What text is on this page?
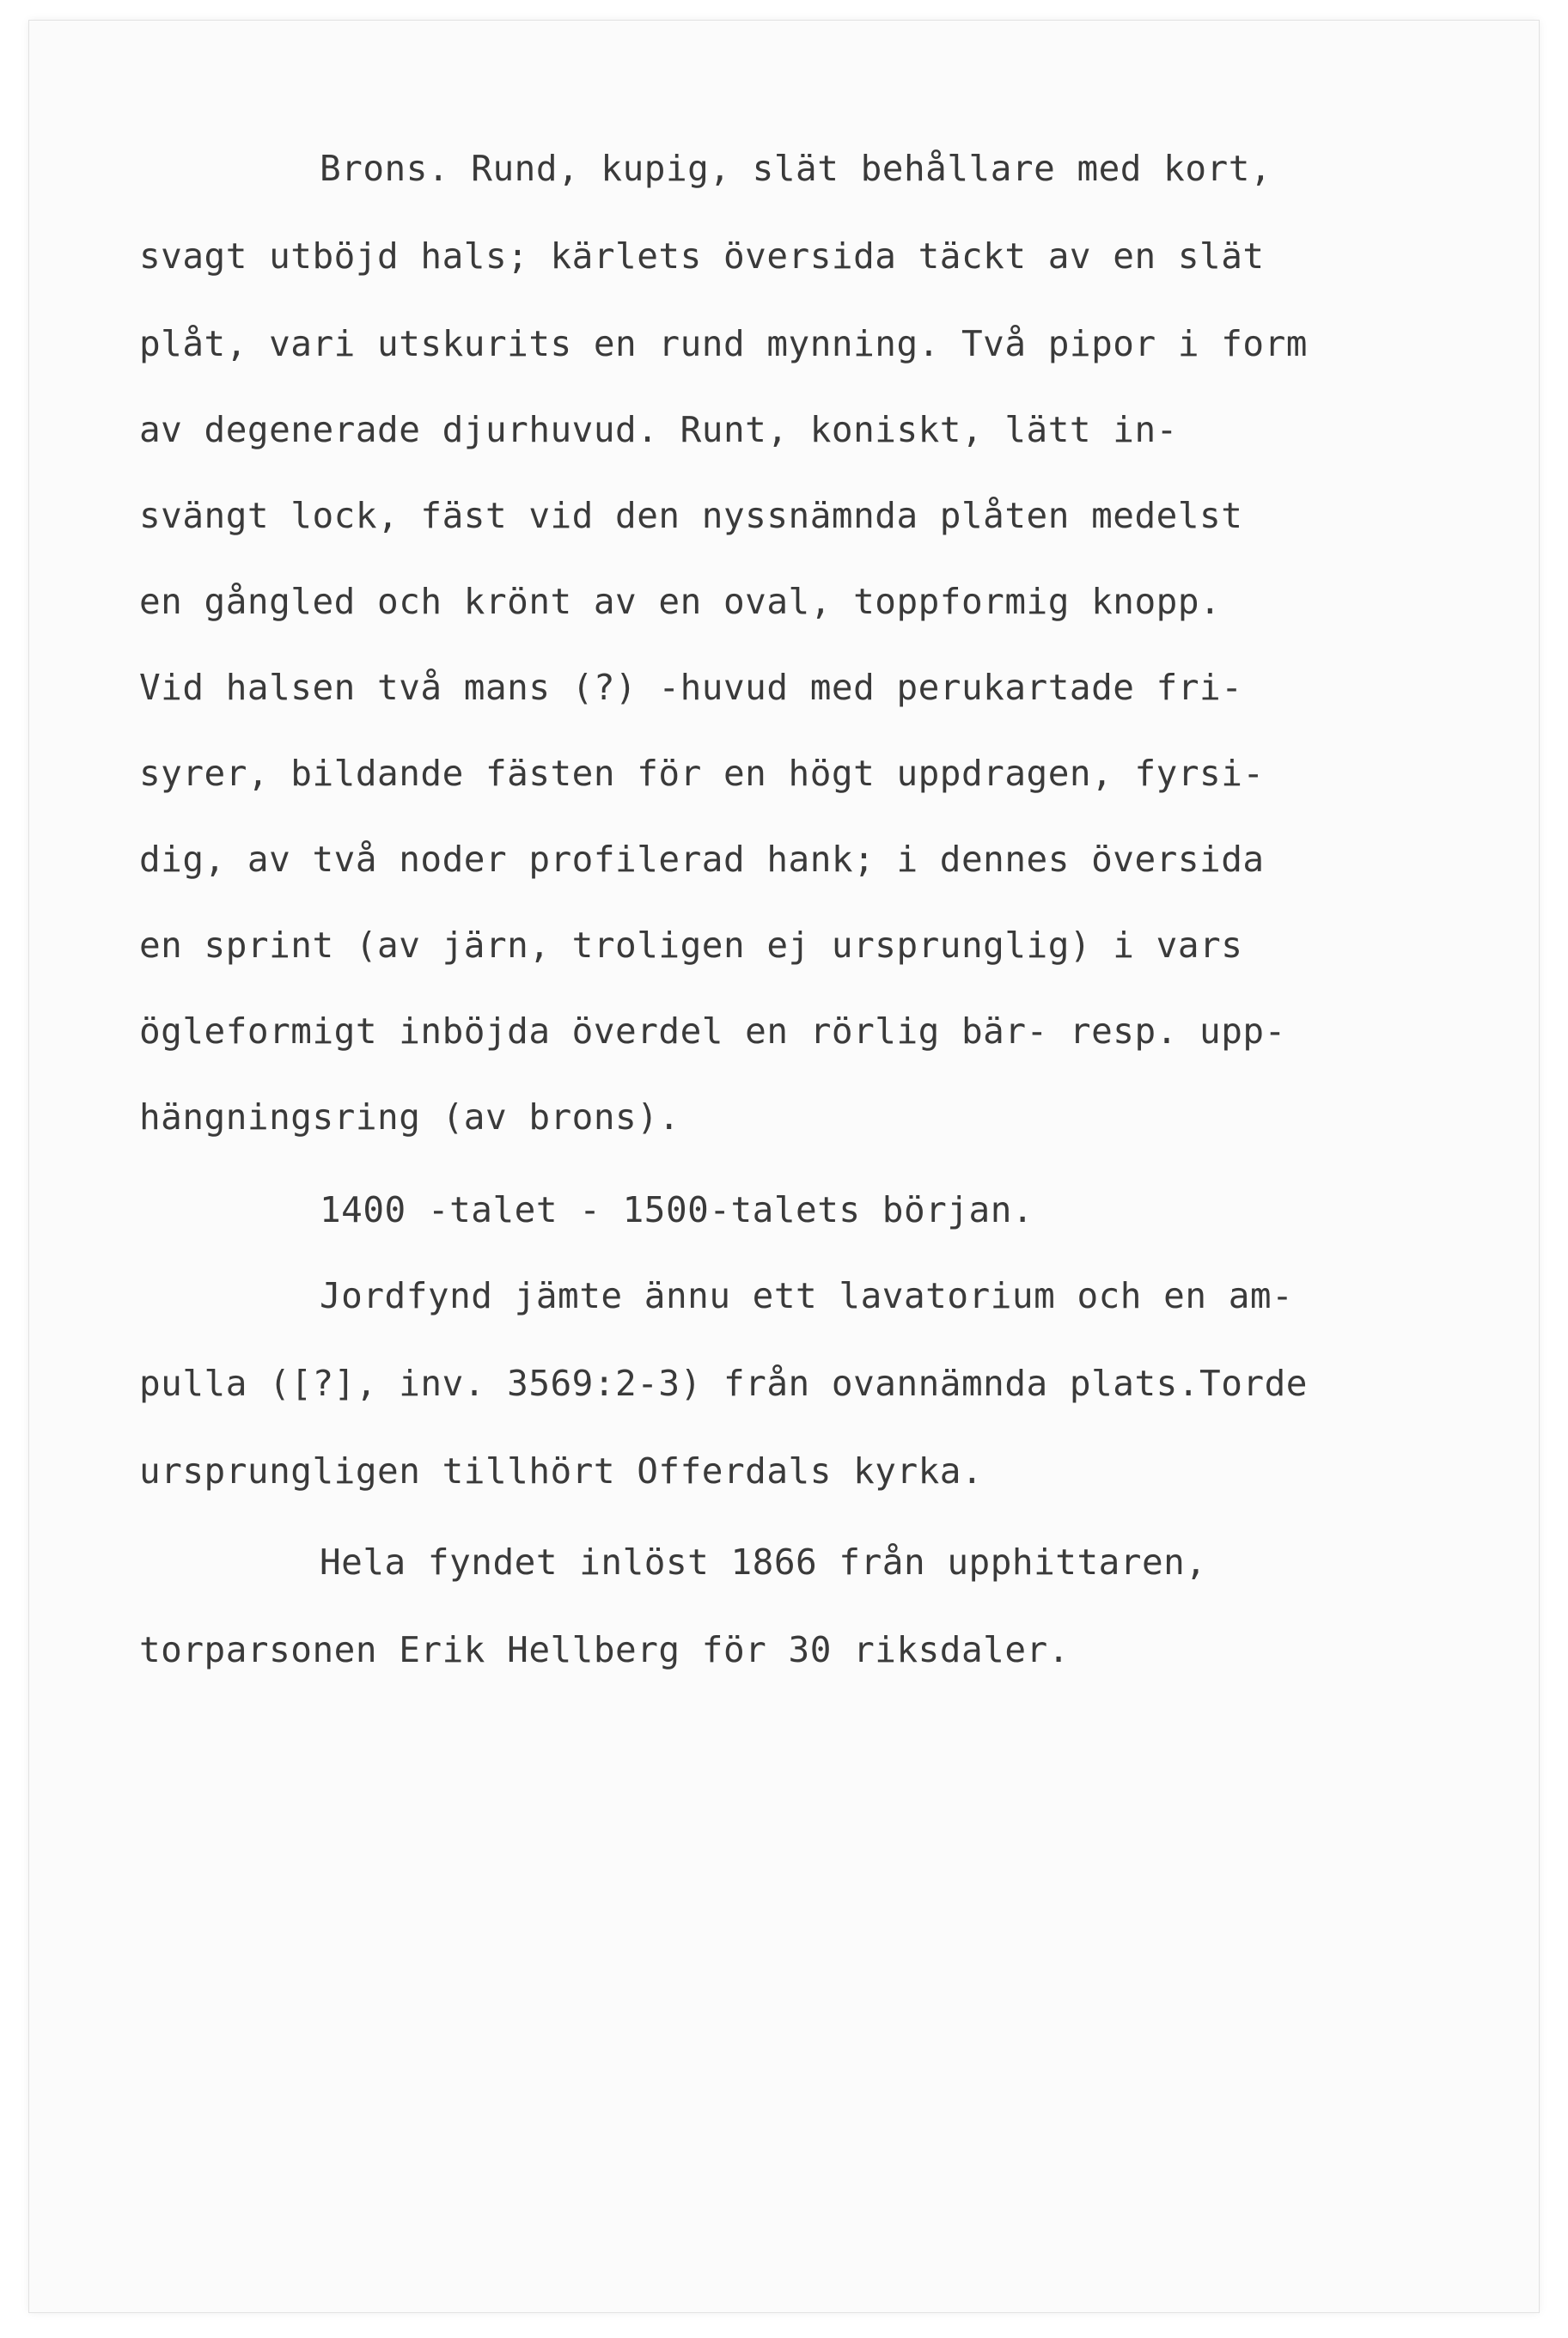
Brons. Rund, kupig, slät behållare med kort,
svagt utböjd hals; kärlets översida täckt av en slät
plåt, vari utskurits en rund mynning. Två pipor i form
av degenerade djurhuvud. Runt, koniskt, lätt in-
svängt lock, fäst vid den nyssnämnda plåten medelst
en gångled och krönt av en oval, toppformig knopp.
Vid halsen två mans (?) -huvud med perukartade fri-
syrer, bildande fästen för en högt uppdragen, fyrsi-
dig, av två noder profilerad hank; i dennes översida
en sprint (av järn, troligen ej ursprunglig) i vars
ögleformigt inböjda överdel en rörlig bär- resp. upp-
hängningsring (av brons).
1400 -talet - 1500-talets början.
Jordfynd jämte ännu ett lavatorium och en am-
pulla ([?], inv. 3569:2-3) från ovannämnda plats.Torde
ursprungligen tillhört Offerdals kyrka.
Hela fyndet inlöst 1866 från upphittaren,
torparsonen Erik Hellberg för 30 riksdaler.
